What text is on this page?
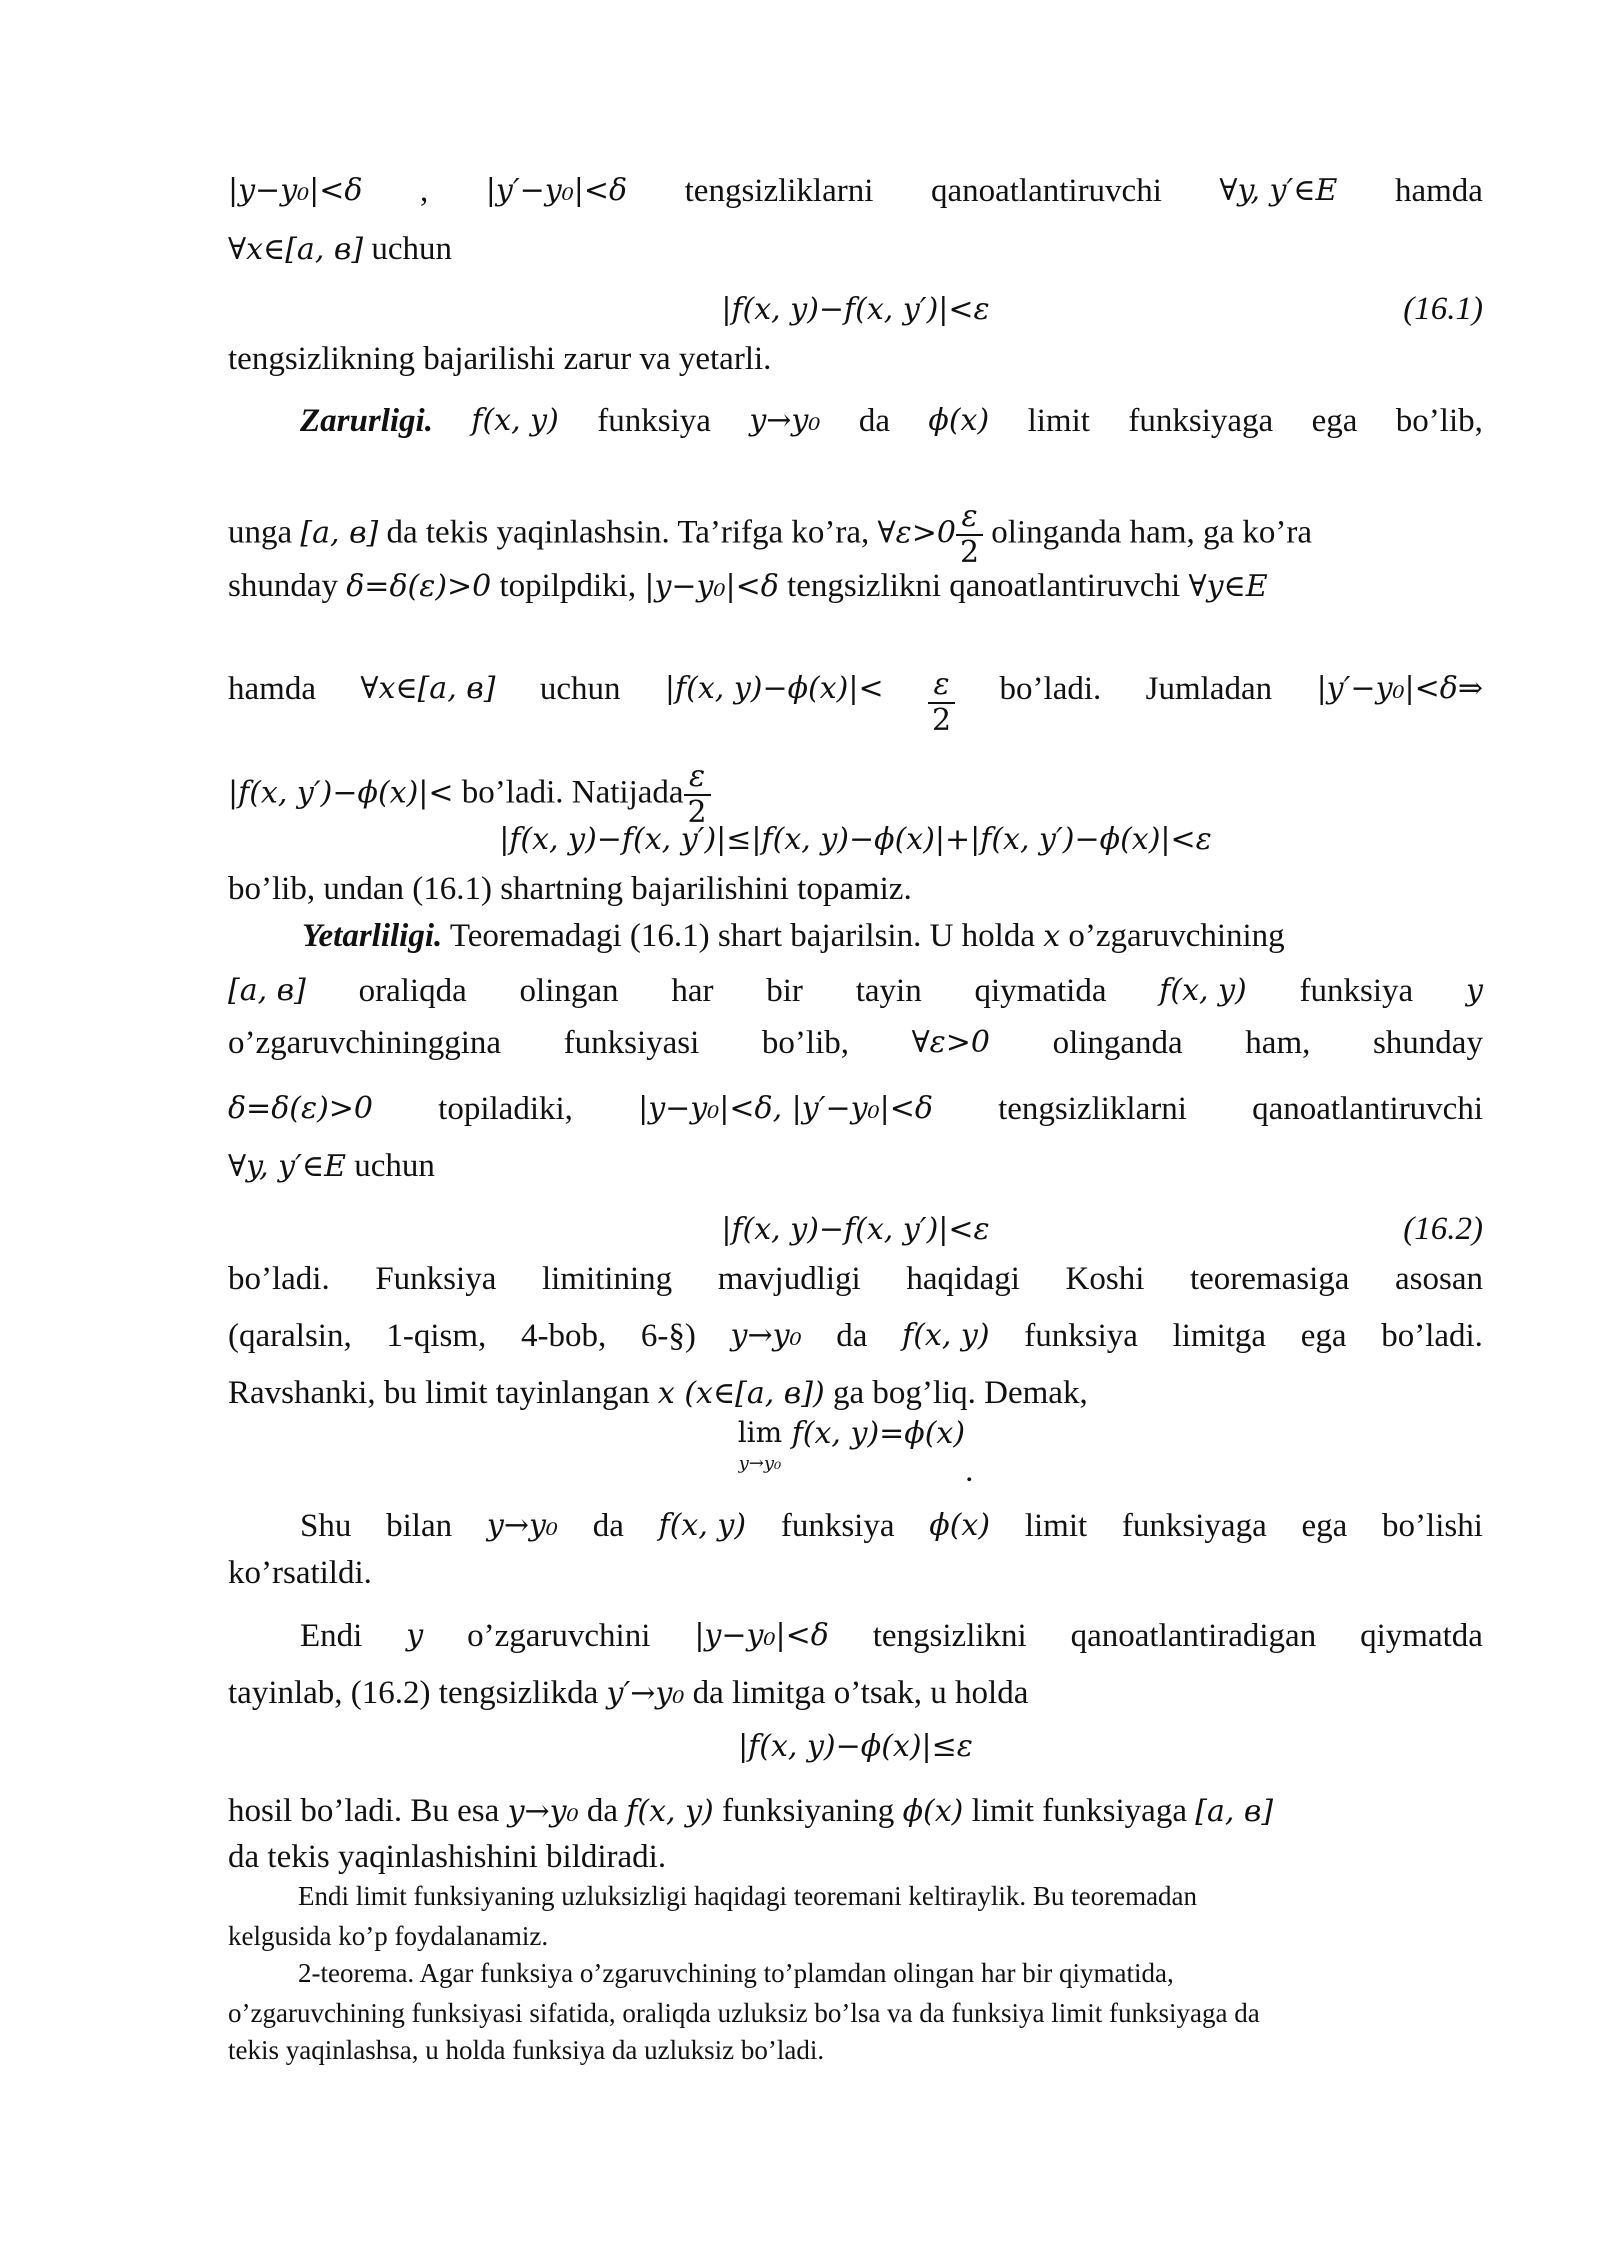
|y−y₀|<δ , |y′−y₀|<δ tengsizliklarni qanoatlantiruvchi ∀y, y′∈E hamda
∀x∈[a, в] uchun
|f(x, y)−f(x, y′)|<ε	(16.1)
tengsizlikning bajarilishi zarur va yetarli.
Zarurligi. f(x, y) funksiya y→y₀ da ϕ(x) limit funksiyaga ega bo’lib,
unga [a, в] da tekis yaqinlashsin. Ta’rifga ko’ra, ∀ε>0 $\frac{\varepsilon}{2}$ olinganda ham, ga ko’ra
shunday δ=δ(ε)>0 topilpdiki, |y−y₀|<δ tengsizlikni qanoatlantiruvchi ∀y∈E
hamda ∀x∈[a, в] uchun |f(x, $y)-\phi(x)|< \frac{\varepsilon}{2}$ bo’ladi. Jumladan |y′−y₀|<δ⇒
|f(x, y′)−ϕ(x)|< bo’ladi. Natijada $\frac{\varepsilon}{2}$
|f(x, y)−f(x, y′)|≤|f(x, y)−ϕ(x)|+|f(x, y′)−ϕ(x)|<ε
bo’lib, undan (16.1) shartning bajarilishini topamiz.
Yetarliligi. Teoremadagi (16.1) shart bajarilsin. U holda x o’zgaruvchining
[a, в] oraliqda olingan har bir tayin qiymatida f(x, y) funksiya y
o’zgaruvchininggina funksiyasi bo’lib, ∀ε>0 olinganda ham, shunday
δ=δ(ε)>0 topiladiki, |y−y₀|<δ, |y′−y₀|<δ tengsizliklarni qanoatlantiruvchi
∀y, y′∈E uchun
|f(x, y)−f(x, y′)|<ε	(16.2)
bo’ladi. Funksiya limitining mavjudligi haqidagi Koshi teoremasiga asosan
(qaralsin, 1-qism, 4-bob, 6-§) y→y₀ da f(x, y) funksiya limitga ega bo’ladi.
Ravshanki, bu limit tayinlangan x (x∈[a, в]) ga bog’liq. Demak,
lim
y→y₀
f(x, y)=ϕ(x).
Shu bilan y→y₀ da f(x, y) funksiya ϕ(x) limit funksiyaga ega bo’lishi
ko’rsatildi.
Endi y o’zgaruvchini |y−y₀|<δ tengsizlikni qanoatlantiradigan qiymatda
tayinlab, (16.2) tengsizlikda y′→y₀ da limitga o’tsak, u holda
|f(x, y)−ϕ(x)|≤ε
hosil bo’ladi. Bu esa y→y₀ da f(x, y) funksiyaning ϕ(x) limit funksiyaga [a, в]
da tekis yaqinlashishini bildiradi.
Endi limit funksiyaning uzluksizligi haqidagi teoremani keltiraylik. Bu teoremadan
kelgusida ko’p foydalanamiz.
2-teorema. Agar funksiya o’zgaruvchining to’plamdan olingan har bir qiymatida,
o’zgaruvchining funksiyasi sifatida, oraliqda uzluksiz bo’lsa va da funksiya limit funksiyaga da
tekis yaqinlashsa, u holda funksiya da uzluksiz bo’ladi.
